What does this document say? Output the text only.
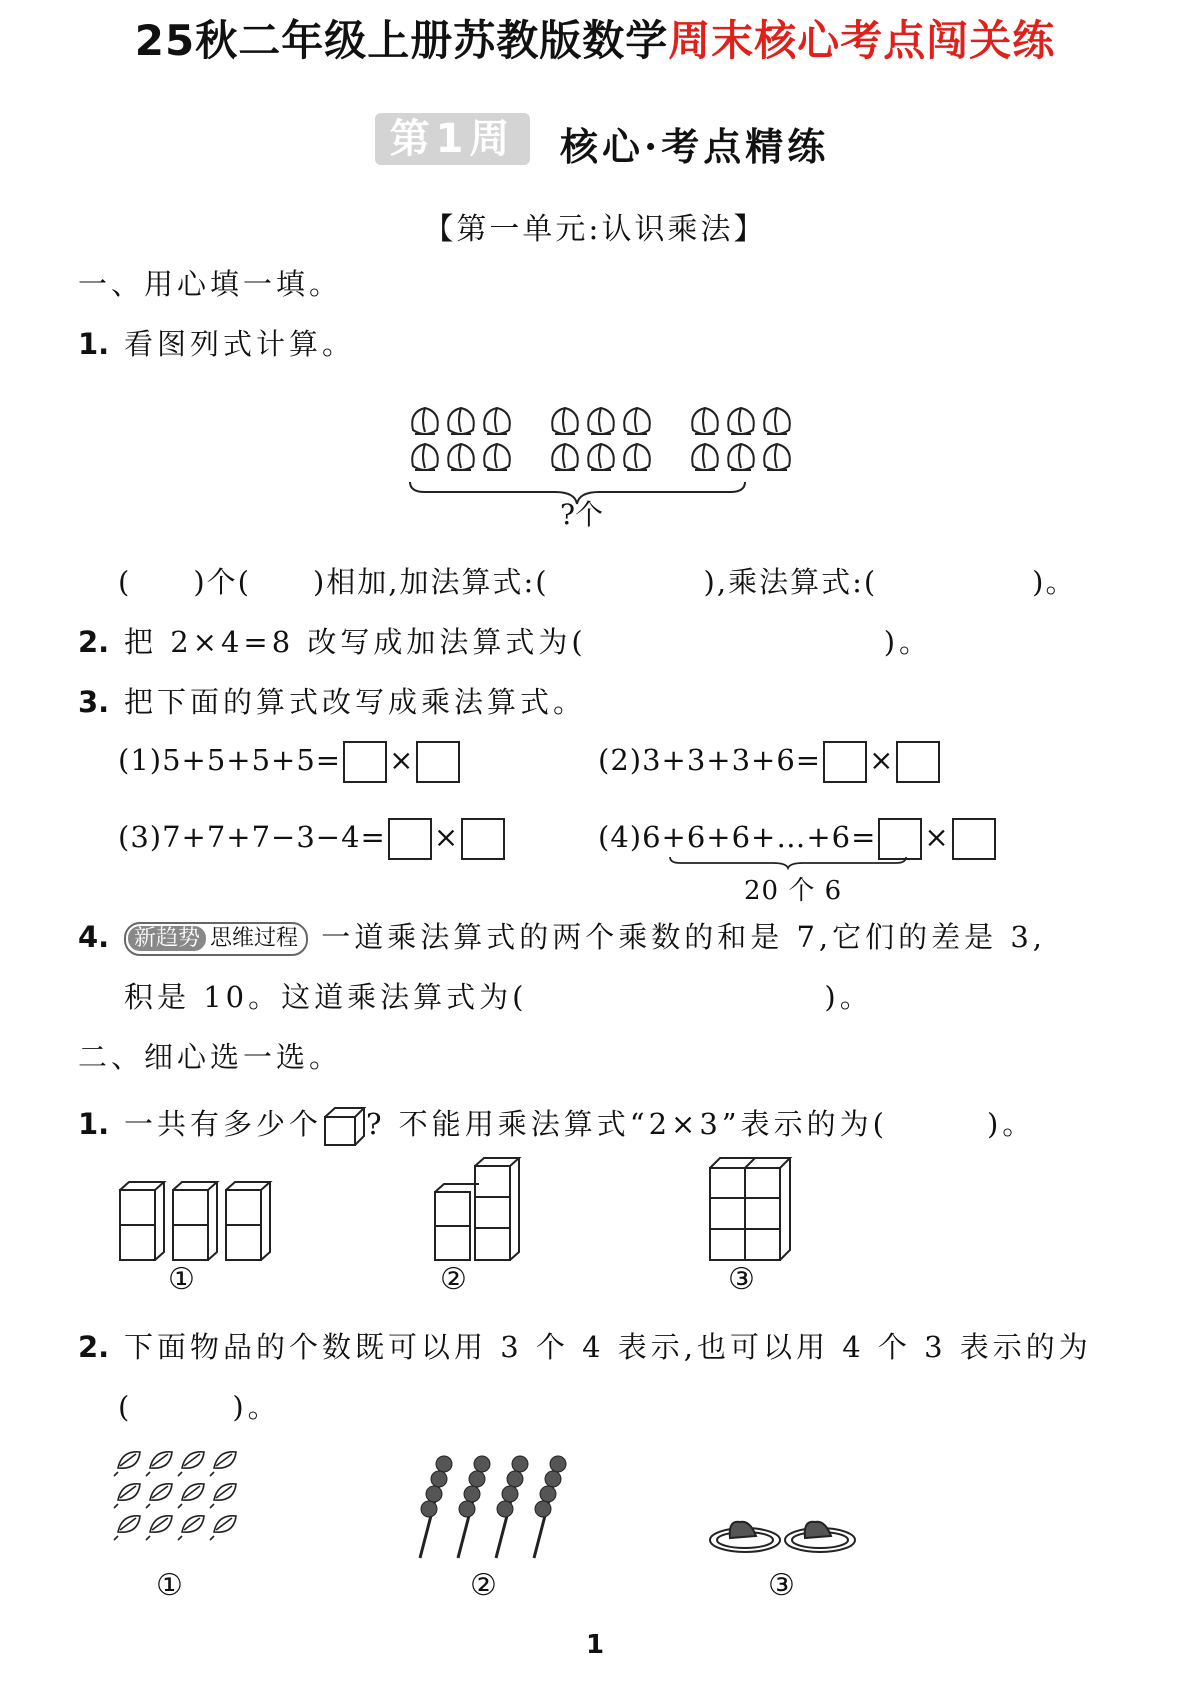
25秋二年级上册苏教版数学周末核心考点闯关练
第1周	核心·考点精练
【第一单元:认识乘法】
一、用心填一填。
1. 看图列式计算。
?个
(　　)个(　　)相加,加法算式:(　　　　　),乘法算式:(　　　　　)。
2. 把 2×4=8 改写成加法算式为(　　　　　　　　　)。
3. 把下面的算式改写成乘法算式。
(1)5+5+5+5= ×	(2)3+3+3+6= ×
(3)7+7+7−3−4= ×	(4)6+6+6+…+6= ×
20 个 6
4. 新趋势 思维过程 一道乘法算式的两个乘数的和是 7,它们的差是 3,
积是 10。这道乘法算式为(　　　　　　　　　)。
二、细心选一选。
1. 一共有多少个 ? 不能用乘法算式“2×3”表示的为(　　　)。
①	②	③
2. 下面物品的个数既可以用 3 个 4 表示,也可以用 4 个 3 表示的为
(　　　)。
①	②	③
1
